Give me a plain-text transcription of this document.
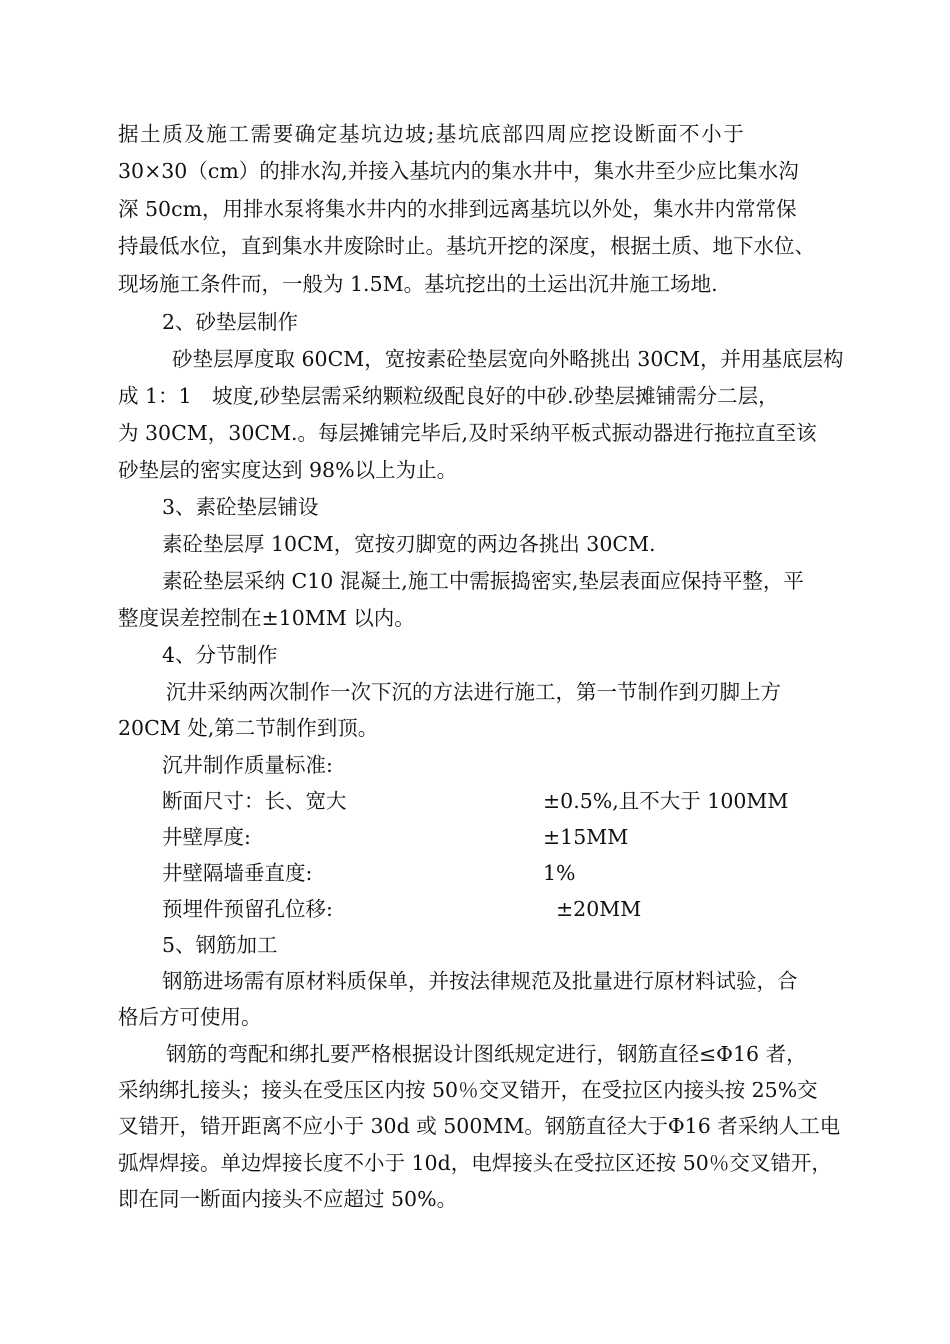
据土质及施工需要确定基坑边坡;基坑底部四周应挖设断面不小于

30×30（cm）的排水沟,并接入基坑内的集水井中，集水井至少应比集水沟

深 50cm，用排水泵将集水井内的水排到远离基坑以外处，集水井内常常保

持最低水位，直到集水井废除时止。基坑开挖的深度，根据土质、地下水位、

现场施工条件而，一般为 1.5M。基坑挖出的土运出沉井施工场地.

2、砂垫层制作

砂垫层厚度取 60CM，宽按素砼垫层宽向外略挑出 30CM，并用基底层构

成 1：1　坡度,砂垫层需采纳颗粒级配良好的中砂.砂垫层摊铺需分二层，

为 30CM，30CM.。每层摊铺完毕后,及时采纳平板式振动器进行拖拉直至该

砂垫层的密实度达到 98%以上为止。

3、素砼垫层铺设

素砼垫层厚 10CM，宽按刃脚宽的两边各挑出 30CM.

素砼垫层采纳 C10 混凝土,施工中需振捣密实,垫层表面应保持平整，平

整度误差控制在±10MM 以内。

4、分节制作

沉井采纳两次制作一次下沉的方法进行施工，第一节制作到刃脚上方

20CM 处,第二节制作到顶。

沉井制作质量标准:

断面尺寸：长、宽大	±0.5%,且不大于 100MM
井壁厚度:	±15MM
井壁隔墙垂直度:	1%
预埋件预留孔位移:	±20MM

5、钢筋加工

钢筋进场需有原材料质保单，并按法律规范及批量进行原材料试验，合

格后方可使用。

钢筋的弯配和绑扎要严格根据设计图纸规定进行，钢筋直径≤Φ16 者，

采纳绑扎接头；接头在受压区内按 50％交叉错开，在受拉区内接头按 25%交

叉错开，错开距离不应小于 30d 或 500MM。钢筋直径大于Φ16 者采纳人工电

弧焊焊接。单边焊接长度不小于 10d，电焊接头在受拉区还按 50％交叉错开，

即在同一断面内接头不应超过 50%。
